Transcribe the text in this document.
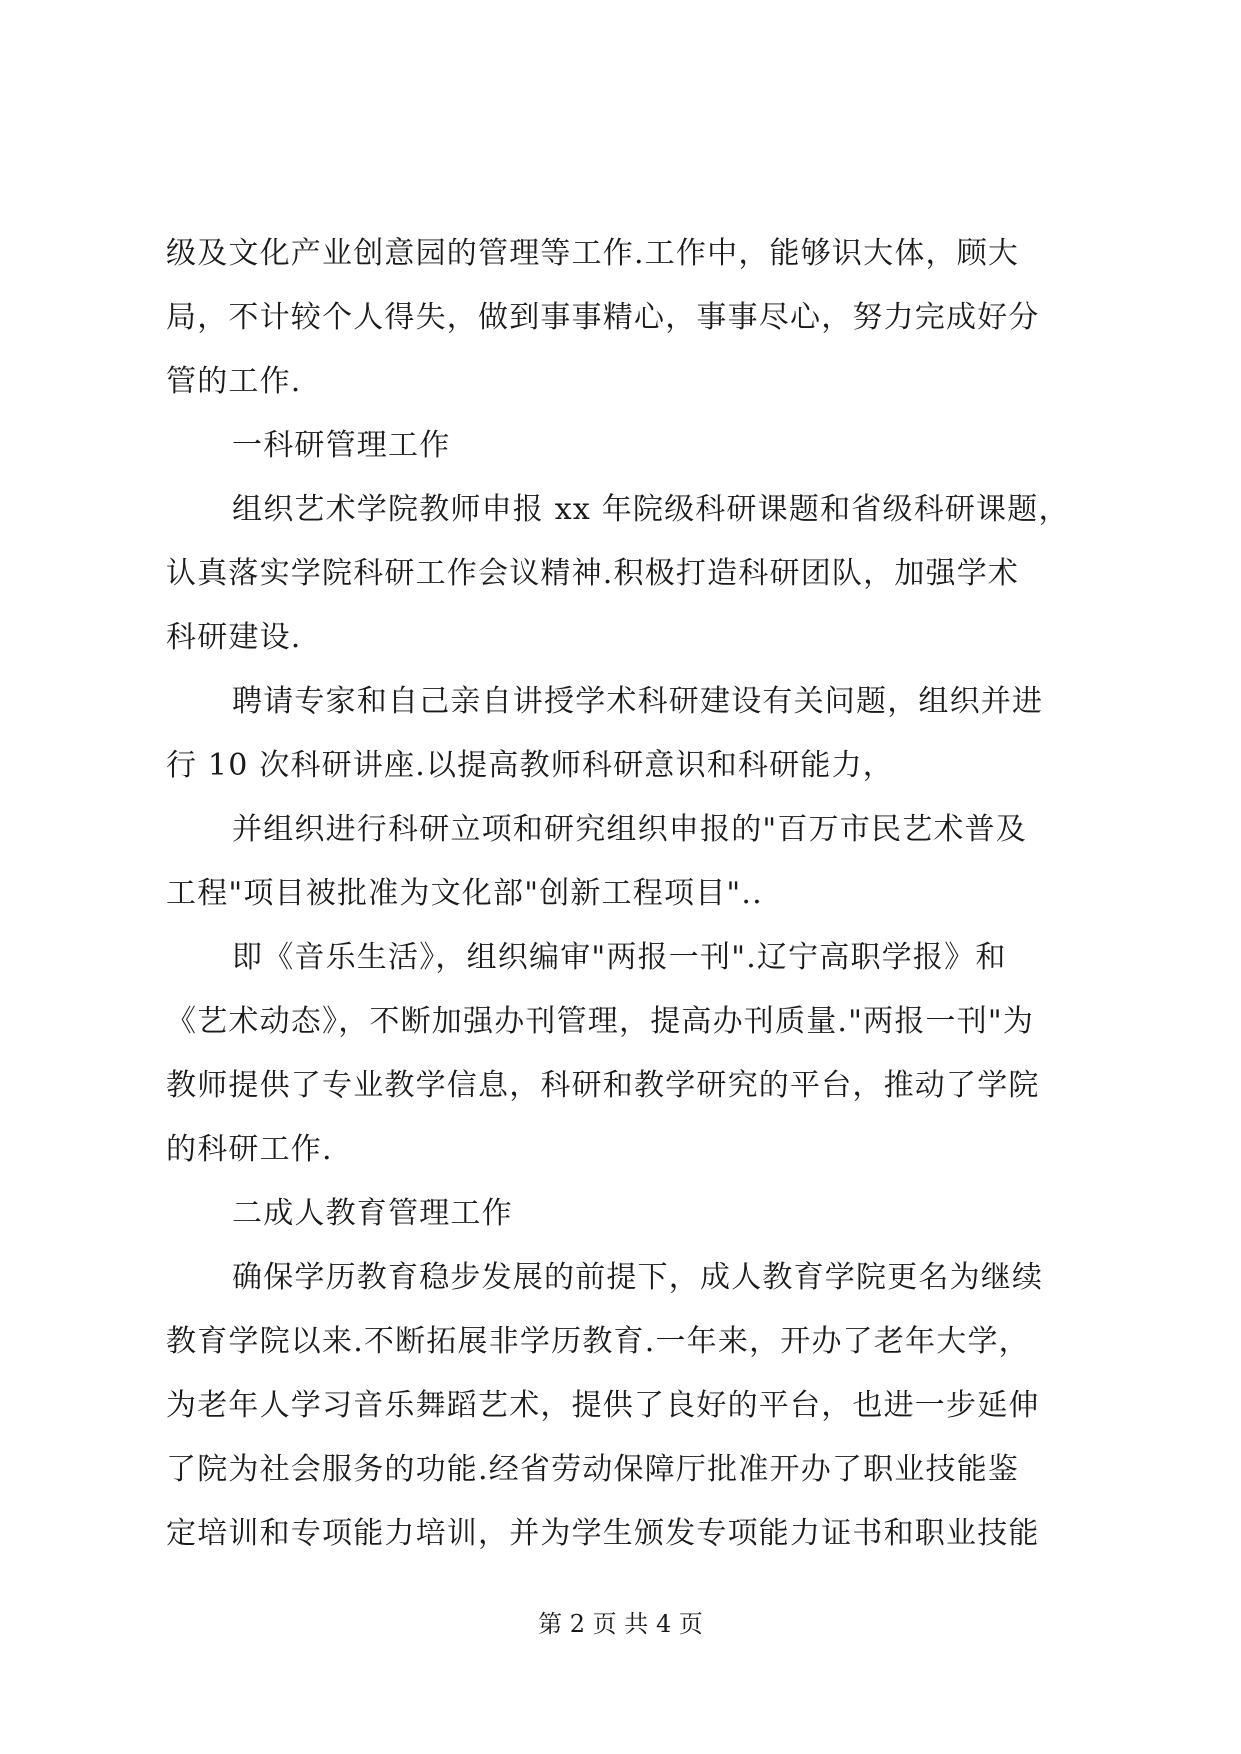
级及文化产业创意园的管理等工作.工作中，能够识大体，顾大
局，不计较个人得失，做到事事精心，事事尽心，努力完成好分
管的工作.
一科研管理工作
组织艺术学院教师申报 xx 年院级科研课题和省级科研课题，
认真落实学院科研工作会议精神.积极打造科研团队，加强学术
科研建设.
聘请专家和自己亲自讲授学术科研建设有关问题，组织并进
行 10 次科研讲座.以提高教师科研意识和科研能力，
并组织进行科研立项和研究组织申报的"百万市民艺术普及
工程"项目被批准为文化部"创新工程项目"..
即《音乐生活》，组织编审"两报一刊".辽宁高职学报》和
《艺术动态》，不断加强办刊管理，提高办刊质量."两报一刊"为
教师提供了专业教学信息，科研和教学研究的平台，推动了学院
的科研工作.
二成人教育管理工作
确保学历教育稳步发展的前提下，成人教育学院更名为继续
教育学院以来.不断拓展非学历教育.一年来，开办了老年大学，
为老年人学习音乐舞蹈艺术，提供了良好的平台，也进一步延伸
了院为社会服务的功能.经省劳动保障厅批准开办了职业技能鉴
定培训和专项能力培训，并为学生颁发专项能力证书和职业技能
第 2 页 共 4 页
